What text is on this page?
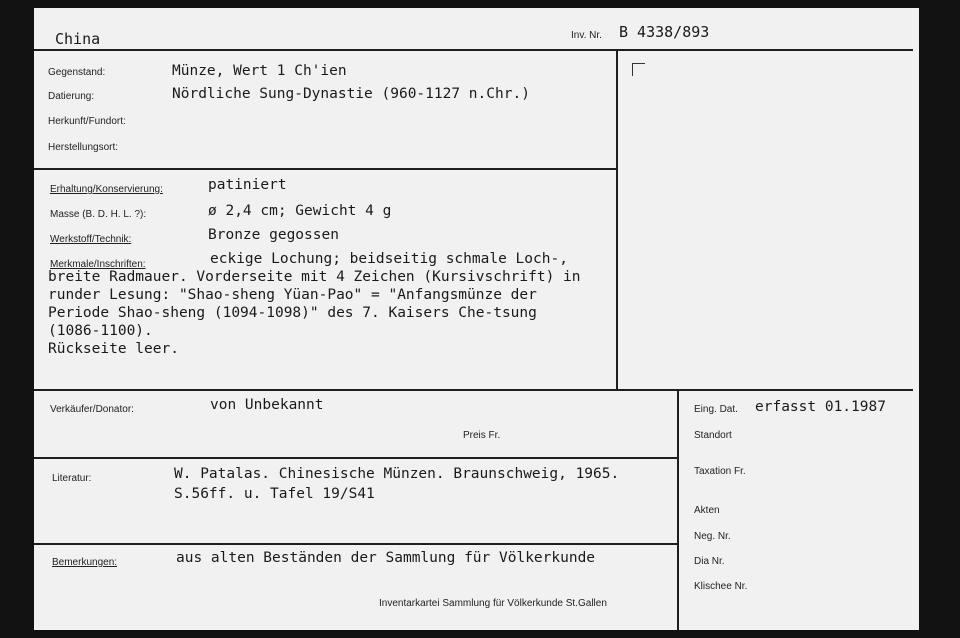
China	Inv. Nr. B 4338/893
Gegenstand:	Münze, Wert 1 Ch'ien
Datierung:	Nördliche Sung-Dynastie (960-1127 n.Chr.)
Herkunft/Fundort:
Herstellungsort:
Erhaltung/Konservierung:	patiniert
Masse (B. D. H. L. ?):	ø 2,4 cm; Gewicht 4 g
Werkstoff/Technik:	Bronze gegossen
Merkmale/Inschriften:	eckige Lochung; beidseitig schmale Loch-,
breite Radmauer. Vorderseite mit 4 Zeichen (Kursivschrift) in
runder Lesung: "Shao-sheng Yüan-Pao" = "Anfangsmünze der
Periode Shao-sheng (1094-1098)" des 7. Kaisers Che-tsung
(1086-1100).
Rückseite leer.
Verkäufer/Donator:	von Unbekannt
Preis Fr.
Literatur:	W. Patalas. Chinesische Münzen. Braunschweig, 1965.
S.56ff. u. Tafel 19/S41
Bemerkungen:	aus alten Beständen der Sammlung für Völkerkunde
Inventarkartei Sammlung für Völkerkunde St.Gallen
Eing. Dat. erfasst 01.1987
Standort
Taxation Fr.
Akten
Neg. Nr.
Dia Nr.
Klischee Nr.
